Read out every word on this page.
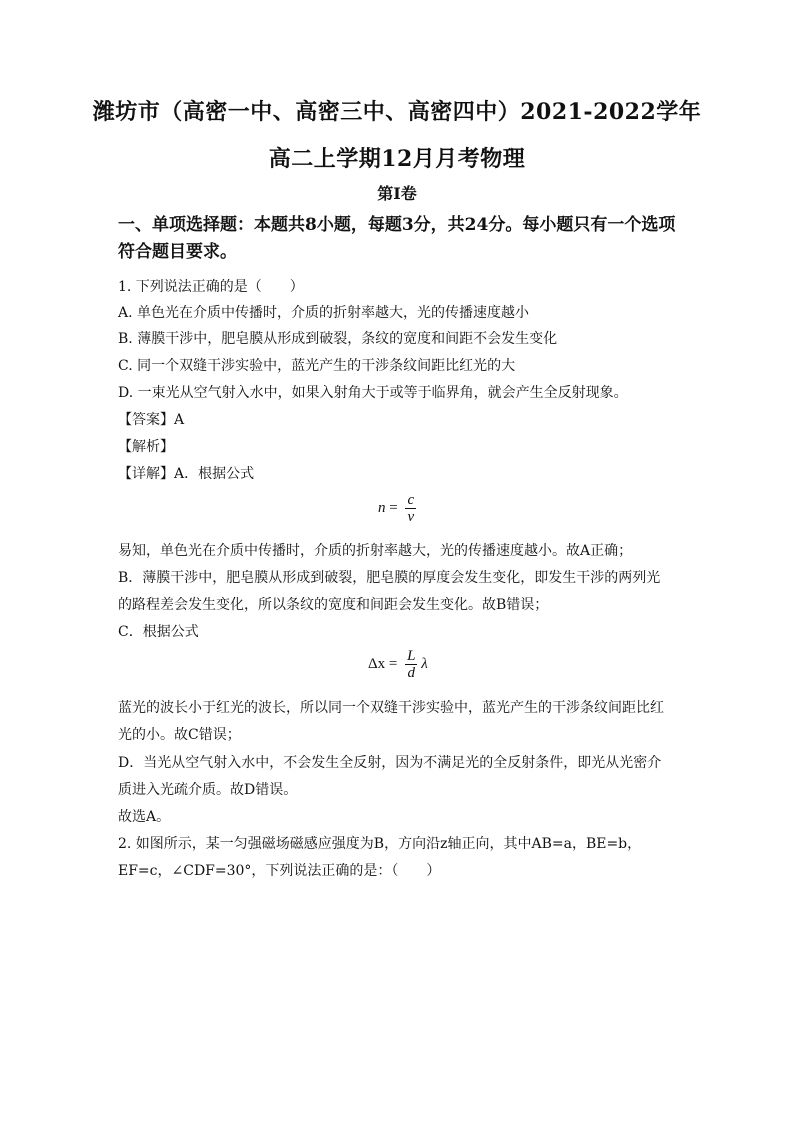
潍坊市（高密一中、高密三中、高密四中）2021-2022学年
高二上学期12月月考物理
第I卷
一、单项选择题：本题共8小题，每题3分，共24分。每小题只有一个选项
符合题目要求。
1. 下列说法正确的是（　　）
A. 单色光在介质中传播时，介质的折射率越大，光的传播速度越小
B. 薄膜干涉中，肥皂膜从形成到破裂，条纹的宽度和间距不会发生变化
C. 同一个双缝干涉实验中，蓝光产生的干涉条纹间距比红光的大
D. 一束光从空气射入水中，如果入射角大于或等于临界角，就会产生全反射现象。
【答案】A
【解析】
【详解】A．根据公式
$n = \frac{c}{v}$
易知，单色光在介质中传播时，介质的折射率越大，光的传播速度越小。故A正确；
B．薄膜干涉中，肥皂膜从形成到破裂，肥皂膜的厚度会发生变化，即发生干涉的两列光
的路程差会发生变化，所以条纹的宽度和间距会发生变化。故B错误；
C．根据公式
$\Delta x = \frac{L}{d}$ λ
蓝光的波长小于红光的波长，所以同一个双缝干涉实验中，蓝光产生的干涉条纹间距比红
光的小。故C错误；
D．当光从空气射入水中，不会发生全反射，因为不满足光的全反射条件，即光从光密介
质进入光疏介质。故D错误。
故选A。
2. 如图所示，某一匀强磁场磁感应强度为B，方向沿z轴正向，其中AB=a，BE=b，
EF=c，∠CDF=30°，下列说法正确的是：（　　）
